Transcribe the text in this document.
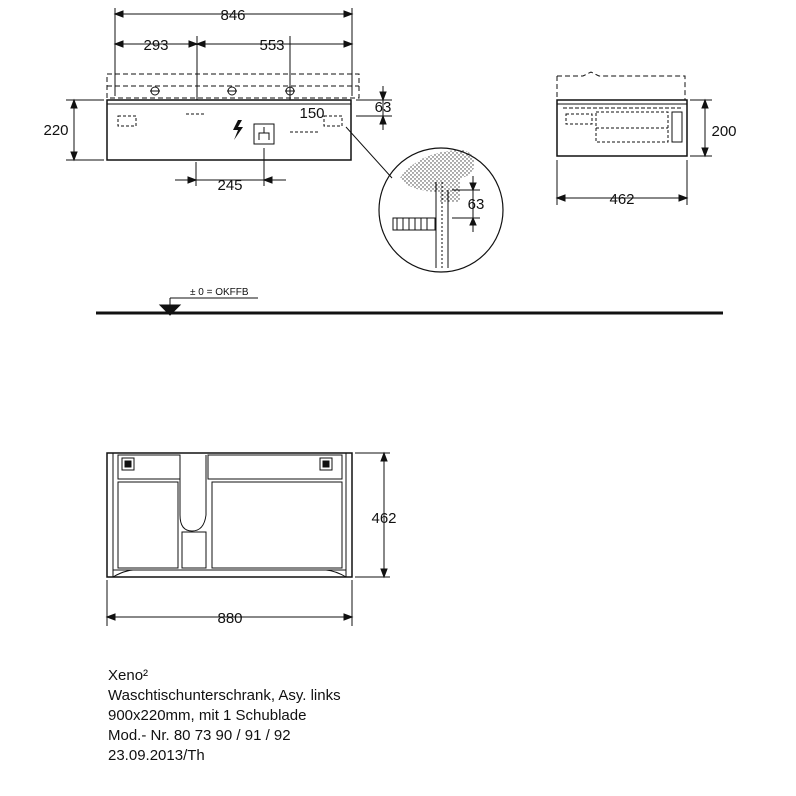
846
293	553
220
63
150
245
63
200
462
± 0 = OKFFB
462
880
Xeno²
Waschtischunterschrank, Asy. links
900x220mm, mit 1 Schublade
Mod.- Nr. 80 73 90 / 91 / 92
23.09.2013/Th
